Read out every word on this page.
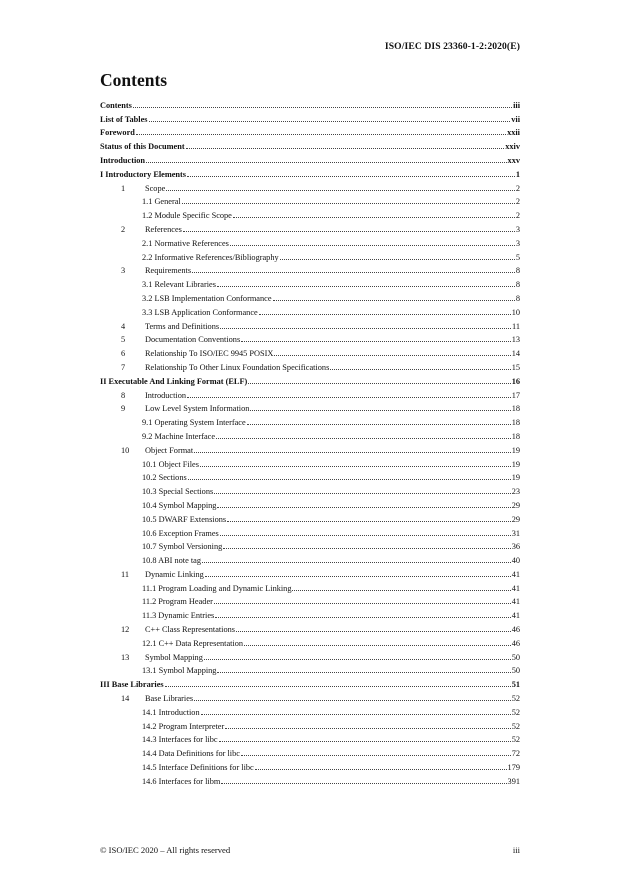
ISO/IEC DIS 23360-1-2:2020(E)
Contents
Contents	iii
List of Tables	vii
Foreword	xxii
Status of this Document	xxiv
Introduction	xxv
I Introductory Elements	1
1	Scope	2
1.1 General	2
1.2 Module Specific Scope	2
2	References	3
2.1 Normative References	3
2.2 Informative References/Bibliography	5
3	Requirements	8
3.1 Relevant Libraries	8
3.2 LSB Implementation Conformance	8
3.3 LSB Application Conformance	10
4	Terms and Definitions	11
5	Documentation Conventions	13
6	Relationship To ISO/IEC 9945 POSIX	14
7	Relationship To Other Linux Foundation Specifications	15
II Executable And Linking Format (ELF)	16
8	Introduction	17
9	Low Level System Information	18
9.1 Operating System Interface	18
9.2 Machine Interface	18
10	Object Format	19
10.1 Object Files	19
10.2 Sections	19
10.3 Special Sections	23
10.4 Symbol Mapping	29
10.5 DWARF Extensions	29
10.6 Exception Frames	31
10.7 Symbol Versioning	36
10.8 ABI note tag	40
11	Dynamic Linking	41
11.1 Program Loading and Dynamic Linking	41
11.2 Program Header	41
11.3 Dynamic Entries	41
12	C++ Class Representations	46
12.1 C++ Data Representation	46
13	Symbol Mapping	50
13.1 Symbol Mapping	50
III Base Libraries	51
14	Base Libraries	52
14.1 Introduction	52
14.2 Program Interpreter	52
14.3 Interfaces for libc	52
14.4 Data Definitions for libc	72
14.5 Interface Definitions for libc	179
14.6 Interfaces for libm	391
© ISO/IEC 2020 – All rights reserved	iii
